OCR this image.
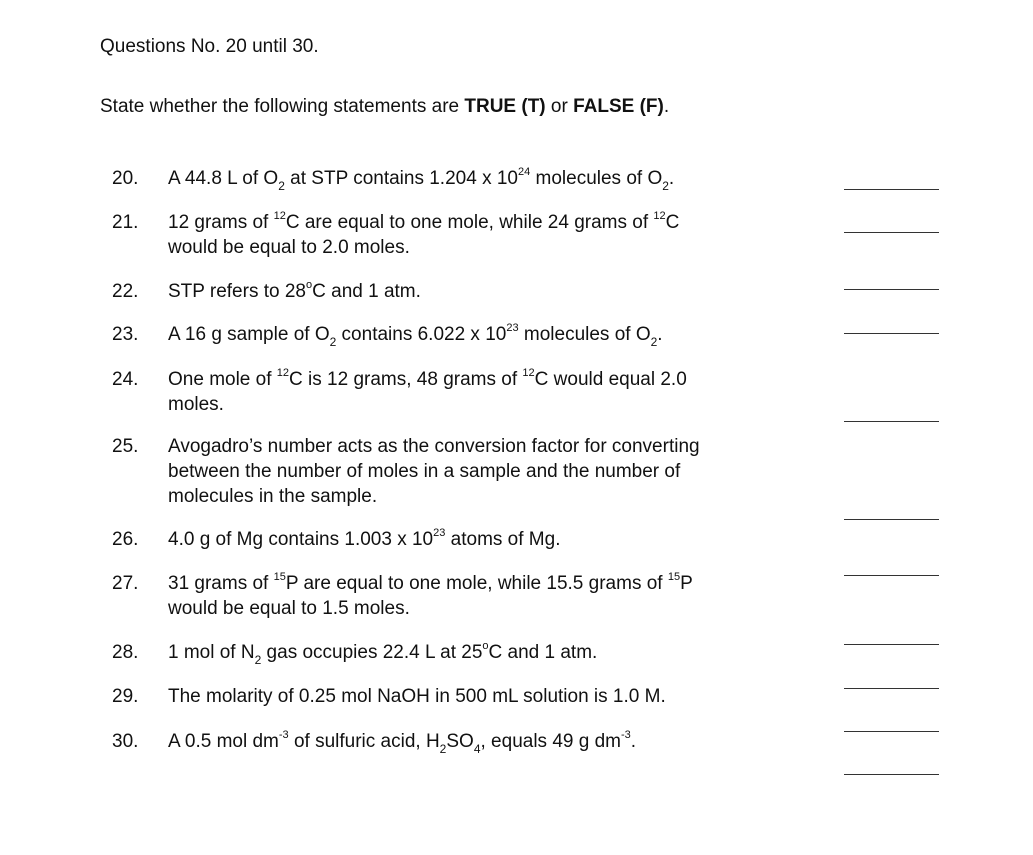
Questions No. 20 until 30.
State whether the following statements are TRUE (T) or FALSE (F).
20. A 44.8 L of $O_2$ at STP contains 1.204 x $10^{24}$ molecules of $O_2$.
21. 12 grams of $^{12}$C are equal to one mole, while 24 grams of $^{12}$C
would be equal to 2.0 moles.
22. STP refers to 28$^o$C and 1 atm.
23. A 16 g sample of $O_2$ contains 6.022 x $10^{23}$ molecules of $O_2$.
24. One mole of $^{12}$C is 12 grams, 48 grams of $^{12}$C would equal 2.0
moles.
25. Avogadro’s number acts as the conversion factor for converting
between the number of moles in a sample and the number of
molecules in the sample.
26. 4.0 g of Mg contains 1.003 x $10^{23}$ atoms of Mg.
27. 31 grams of $^{15}$P are equal to one mole, while 15.5 grams of $^{15}$P
would be equal to 1.5 moles.
28. 1 mol of $N_2$ gas occupies 22.4 L at 25$^o$C and 1 atm.
29. The molarity of 0.25 mol NaOH in 500 mL solution is 1.0 M.
30. A 0.5 mol $dm^{-3}$ of sulfuric acid, $H_2SO_4$, equals 49 g $dm^{-3}$.
